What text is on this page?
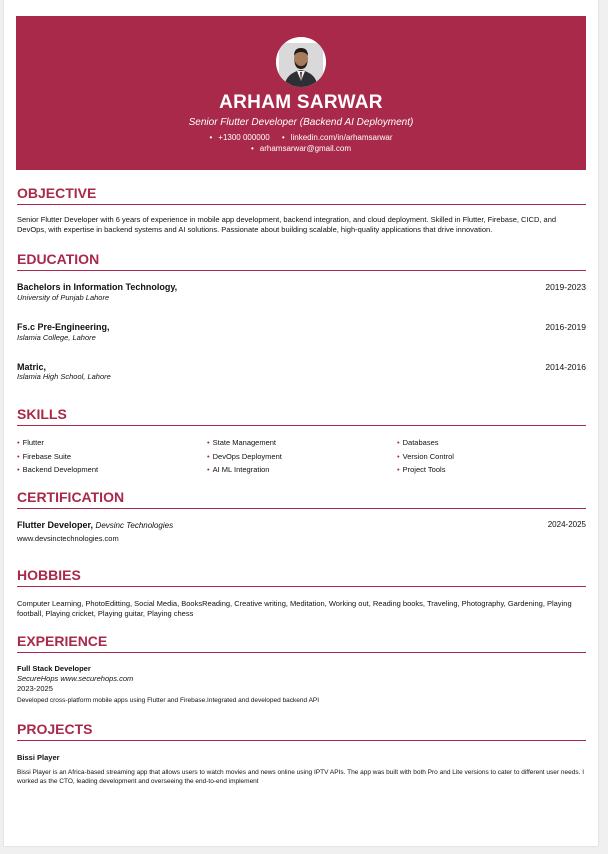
ARHAM SARWAR
Senior Flutter Developer (Backend AI Deployment)
• +1300 000000 •	linkedin.com/in/arhamsarwar
• arhamsarwar@gmail.com
OBJECTIVE
Senior Flutter Developer with 6 years of experience in mobile app development, backend integration, and cloud deployment. Skilled in Flutter, Firebase, CICD, and DevOps, with expertise in backend systems and AI solutions. Passionate about building scalable, high-quality applications that drive innovation.
EDUCATION
Bachelors in Information Technology,
University of Punjab Lahore
2019-2023
Fs.c Pre-Engineering,
Islamia College, Lahore
2016-2019
Matric,
Islamia High School, Lahore
2014-2016
SKILLS
• Flutter
• Firebase Suite
• Backend Development
• State Management
• DevOps Deployment
• AI ML Integration
• Databases
• Version Control
• Project Tools
CERTIFICATION
Flutter Developer, Devsinc Technologies	2024-2025
www.devsinctechnologies.com
HOBBIES
Computer Learning, PhotoEditting, Social Media, BooksReading, Creative writing, Meditation, Working out, Reading books, Traveling, Photography, Gardening, Playing football, Playing cricket, Playing guitar, Playing chess
EXPERIENCE
Full Stack Developer
SecureHops www.securehops.com
2023-2025
Developed cross-platform mobile apps using Flutter and Firebase.Integrated and developed backend API
PROJECTS
Bissi Player
Bissi Player is an Africa-based streaming app that allows users to watch movies and news online using IPTV APIs. The app was built with both Pro and Lite versions to cater to different user needs. I worked as the CTO, leading development and overseeing the end-to-end implement
